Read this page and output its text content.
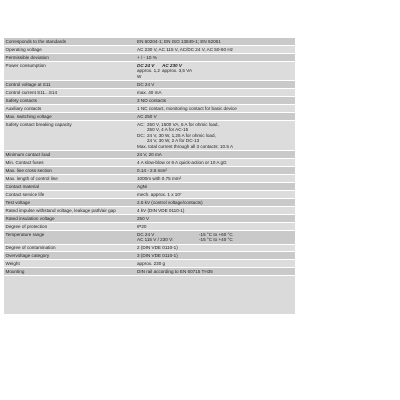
Corresponds to the standards	EN 60204-1; EN ISO 13849-1; EN 62061
Operating voltage	AC 230 V, AC 115 V, AC/DC 24 V, AC 50-60 Hz
Permissible deviation	+ / - 10 %
Power consumption	DC 24 V	AC 230 V
approx. 1,2 W
approx. 3,5 VA
Control voltage at S11	DC 24 V
Control current S11...S14	max. 40 mA
Safety contacts	3 NO contacts
Auxiliary contacts	1 NC contact, monitoring contact for basic device
Max. switching voltage	AC 250 V
Safety contact breaking capacity	AC: 250 V, 1500 VA, 6 A for ohmic load,
250 V, 4 A for AC-15
DC: 24 V, 30 W, 1,25 A for ohmic load,
24 V, 30 W, 2 A for DC-13
Max. total current through all 3 contacts: 10.5 A
Minimum contact load	24 V, 20 mA
Min. Contact fuses	4 A slow-blow or 6 A quick-action or 10 A gG
Max. line cross section	0.14 - 2.5 mm²
Max. length of control line	1000m with 0.75 mm²
Contact material	AgNi
Contact service life	mech. approx. 1 x 10⁷
Test voltage	2.5 kV (control voltage/contacts)
Rated impulse withstand voltage, leakage path/air gap	4 kV (DIN VDE 0110-1)
Rated insulation voltage	250 V
Degree of protection	IP20
Temperature range	DC 24 V	-15 °C to +60 °C
AC 115 V / 230 V:	-15 °C to +40 °C
Degree of contamination	2 (DIN VDE 0110-1)
Overvoltage category	3 (DIN VDE 0110-1)
Weight	approx. 230 g
Mounting	DIN rail according to EN 60715 TH35
